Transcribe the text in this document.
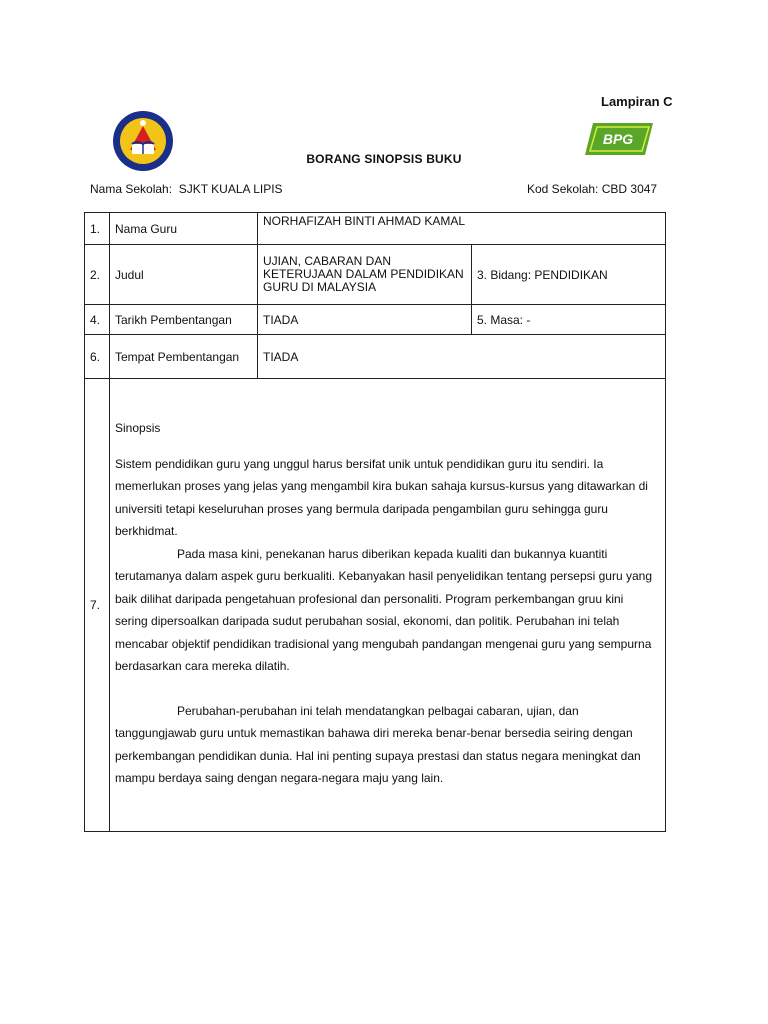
Lampiran C
BPG
BORANG SINOPSIS BUKU
Nama Sekolah: SJKT KUALA LIPIS	Kod Sekolah: CBD 3047
1.	Nama Guru	NORHAFIZAH BINTI AHMAD KAMAL	
2.	Judul	UJIAN, CABARAN DAN KETERUJAAN DALAM PENDIDIKAN GURU DI MALAYSIA	3. Bidang: PENDIDIKAN
4.	Tarikh Pembentangan	TIADA	5. Masa: -
6.	Tempat Pembentangan	TIADA	
7.	Sinopsis

Sistem pendidikan guru yang unggul harus bersifat unik untuk pendidikan guru itu sendiri. Ia memerlukan proses yang jelas yang mengambil kira bukan sahaja kursus-kursus yang ditawarkan di universiti tetapi keseluruhan proses yang bermula daripada pengambilan guru sehingga guru berkhidmat.

Pada masa kini, penekanan harus diberikan kepada kualiti dan bukannya kuantiti terutamanya dalam aspek guru berkualiti. Kebanyakan hasil penyelidikan tentang persepsi guru yang baik dilihat daripada pengetahuan profesional dan personaliti. Program perkembangan gruu kini sering dipersoalkan daripada sudut perubahan sosial, ekonomi, dan politik. Perubahan ini telah mencabar objektif pendidikan tradisional yang mengubah pandangan mengenai guru yang sempurna berdasarkan cara mereka dilatih.

Perubahan-perubahan ini telah mendatangkan pelbagai cabaran, ujian, dan tanggungjawab guru untuk memastikan bahawa diri mereka benar-benar bersedia seiring dengan perkembangan pendidikan dunia. Hal ini penting supaya prestasi dan status negara meningkat dan mampu berdaya saing dengan negara-negara maju yang lain.		
